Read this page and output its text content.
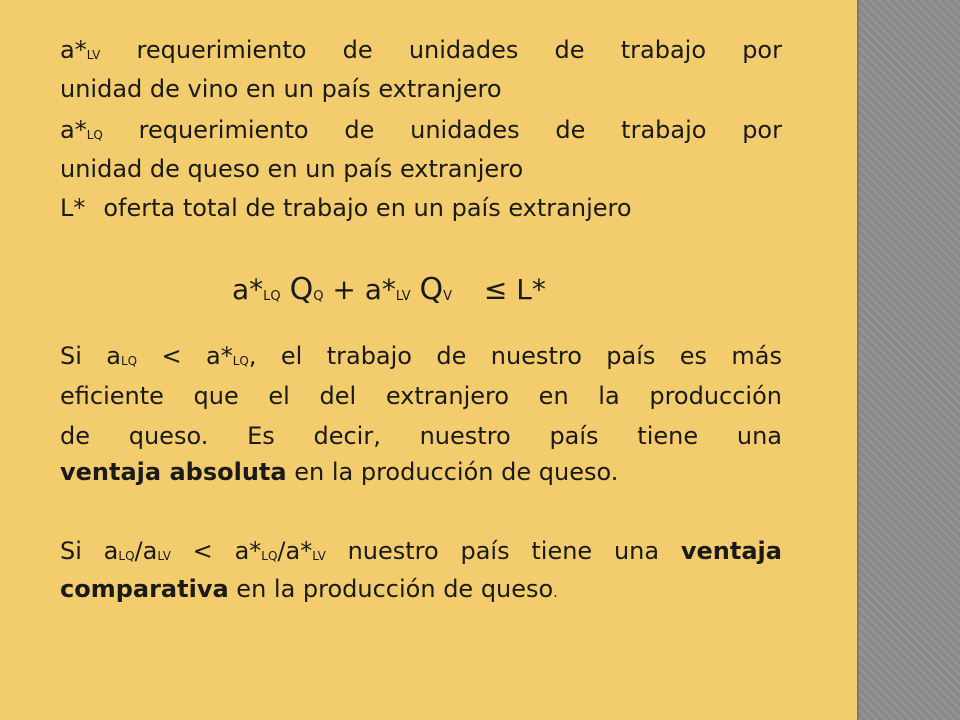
a*LV requerimiento de unidades de trabajo por
unidad de vino en un país extranjero
a*LQ requerimiento de unidades de trabajo por
unidad de queso en un país extranjero
L* oferta total de trabajo en un país extranjero
a*LQ QQ + a*LV QV ≤ L*
Si aLQ < a*LQ, el trabajo de nuestro país es más
eficiente que el del extranjero en la producción
de queso. Es decir, nuestro país tiene una
ventaja absoluta en la producción de queso.
Si aLQ/aLV < a*LQ/a*LV nuestro país tiene una ventaja
comparativa en la producción de queso.
